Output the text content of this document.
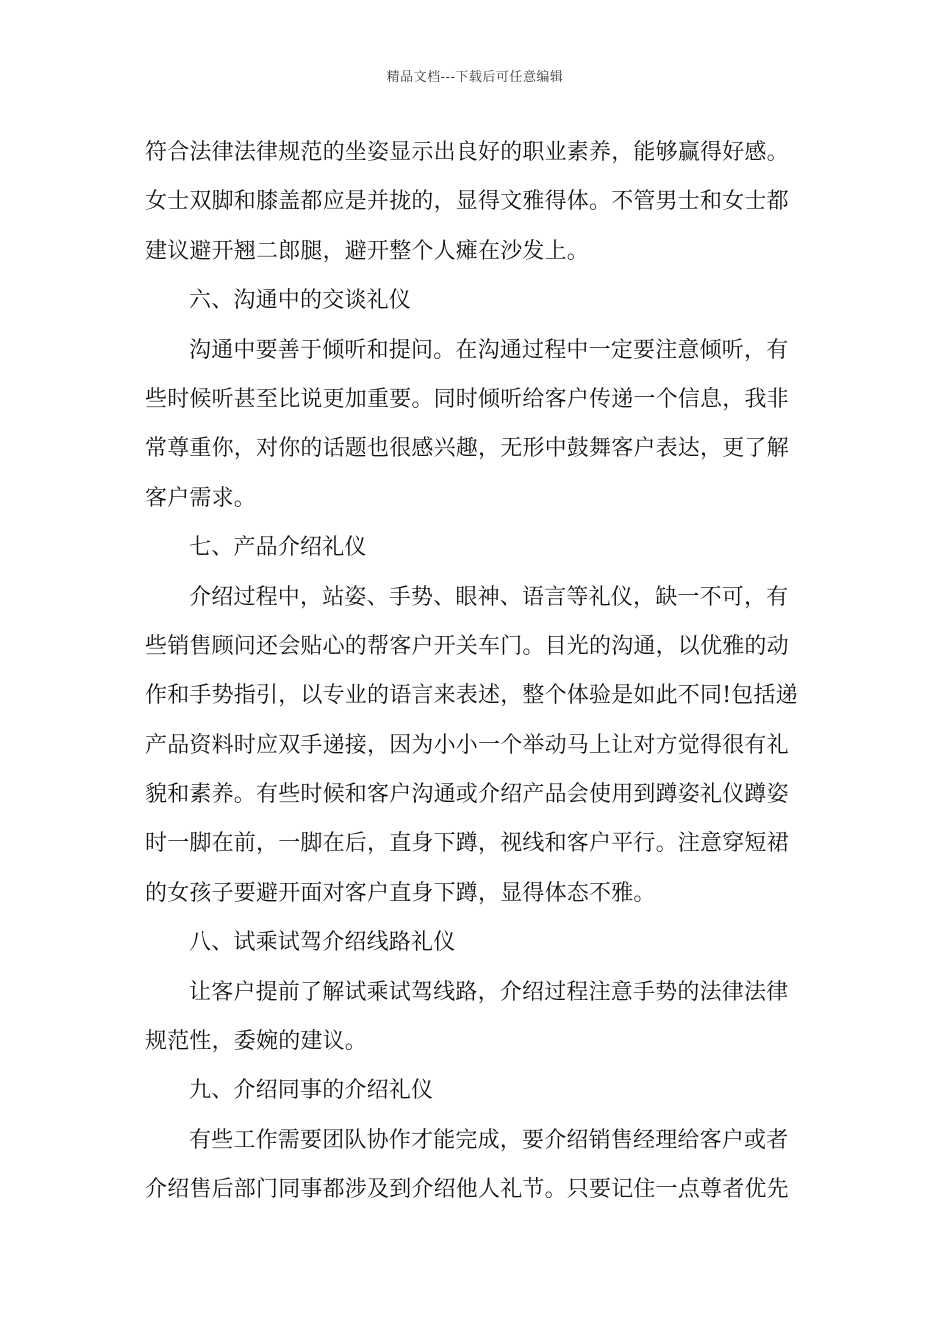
精品文档---下载后可任意编辑
符合法律法律规范的坐姿显示出良好的职业素养，能够赢得好感。
女士双脚和膝盖都应是并拢的，显得文雅得体。不管男士和女士都
建议避开翘二郎腿，避开整个人瘫在沙发上。
六、沟通中的交谈礼仪
沟通中要善于倾听和提问。在沟通过程中一定要注意倾听，有
些时候听甚至比说更加重要。同时倾听给客户传递一个信息，我非
常尊重你，对你的话题也很感兴趣，无形中鼓舞客户表达，更了解
客户需求。
七、产品介绍礼仪
介绍过程中，站姿、手势、眼神、语言等礼仪，缺一不可，有
些销售顾问还会贴心的帮客户开关车门。目光的沟通，以优雅的动
作和手势指引，以专业的语言来表述，整个体验是如此不同!包括递
产品资料时应双手递接，因为小小一个举动马上让对方觉得很有礼
貌和素养。有些时候和客户沟通或介绍产品会使用到蹲姿礼仪蹲姿
时一脚在前，一脚在后，直身下蹲，视线和客户平行。注意穿短裙
的女孩子要避开面对客户直身下蹲，显得体态不雅。
八、试乘试驾介绍线路礼仪
让客户提前了解试乘试驾线路，介绍过程注意手势的法律法律
规范性，委婉的建议。
九、介绍同事的介绍礼仪
有些工作需要团队协作才能完成，要介绍销售经理给客户或者
介绍售后部门同事都涉及到介绍他人礼节。只要记住一点尊者优先
